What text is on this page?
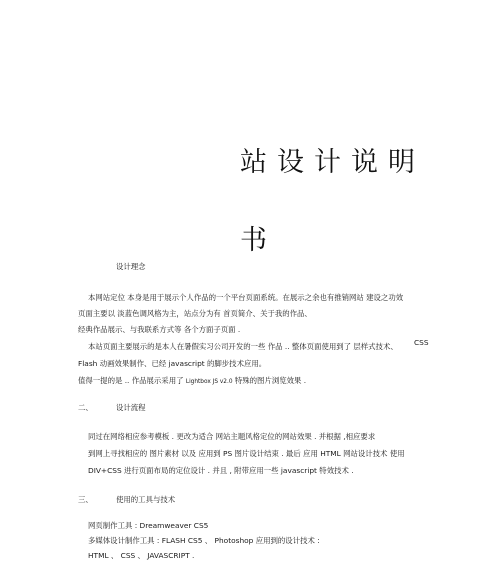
站设计说明
书
设计理念
本网站定位 本身是用于展示个人作品的一个平台页面系统。在展示之余也有推销网站 建设之功效
页面主要以 淡蓝色调风格为主，站点分为有 首页简介、关于我的作品、
经典作品展示、与我联系方式等 各个方面子页面 .
本站页面主要展示的是本人在暑假实习公司开发的一些 作品 .. 整体页面使用到了 层样式技术、 CSS
Flash 动画效果制作、已经 javascript 的脚步技术应用。
值得一提的是 .. 作品展示采用了 Lightbox JS v2.0 特殊的图片浏览效果 .
二、	设计流程
同过在网络相应参考模板 . 更改为适合 网站主题风格定位的网站效果 . 并根据 ,相应要求
到网上寻找相应的 图片素材 以及 应用到 PS 图片设计结束 . 最后 应用 HTML 网站设计技术 使用
DIV+CSS 进行页面布局的定位设计 . 并且 , 附带应用一些 javascript 特效技术 .
三、	使用的工具与技术
网页制作工具 : Dreamweaver CS5
多媒体设计制作工具 : FLASH CS5 、 Photoshop 应用到的设计技术 :
HTML 、 CSS 、 JAVASCRIPT .
